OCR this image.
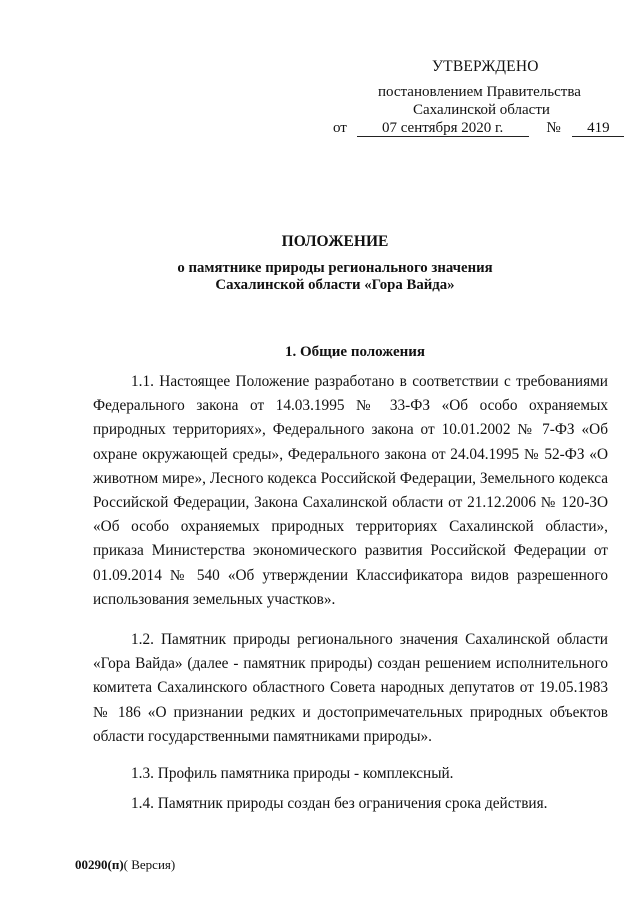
УТВЕРЖДЕНО
постановлением Правительства
Сахалинской области
от 07 сентября 2020 г.	№ 419
ПОЛОЖЕНИЕ
о памятнике природы регионального значения
Сахалинской области «Гора Вайда»
1. Общие положения
1.1. Настоящее Положение разработано в соответствии с требованиями Федерального закона от 14.03.1995 № 33-ФЗ «Об особо охраняемых природных территориях», Федерального закона от 10.01.2002 № 7-ФЗ «Об охране окружающей среды», Федерального закона от 24.04.1995 № 52-ФЗ «О животном мире», Лесного кодекса Российской Федерации, Земельного кодекса Российской Федерации, Закона Сахалинской области от 21.12.2006 № 120-ЗО «Об особо охраняемых природных территориях Сахалинской области», приказа Министерства экономического развития Российской Федерации от 01.09.2014 № 540 «Об утверждении Классификатора видов разрешенного использования земельных участков».
1.2. Памятник природы регионального значения Сахалинской области «Гора Вайда» (далее - памятник природы) создан решением исполнительного комитета Сахалинского областного Совета народных депутатов от 19.05.1983 № 186 «О признании редких и достопримечательных природных объектов области государственными памятниками природы».
1.3. Профиль памятника природы - комплексный.
1.4. Памятник природы создан без ограничения срока действия.
00290(п)( Версия)
